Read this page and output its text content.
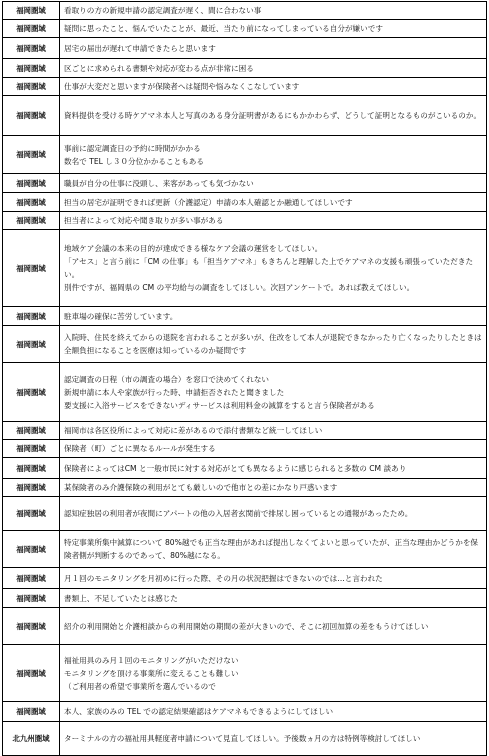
福岡圏域	看取りの方の新規申請の認定調査が遅く、間に合わない事
福岡圏域	疑問に思ったこと、悩んでいたことが、最近、当たり前になってしまっている自分が嫌いです
福岡圏域	居宅の届出が遅れて申請できたらと思います
福岡圏域	区ごとに求められる書類や対応が変わる点が非常に困る
福岡圏域	仕事が大変だと思いますが保険者へは疑問や悩みなくこなしています
福岡圏域	資料提供を受ける時ケアマネ本人と写真のある身分証明書があるにもかかわらず、どうして証明となるものがこいるのか。
福岡圏域	事前に認定調査日の予約に時間がかかる
数名で TEL し３０分位かかることもある

福岡圏域	職員が自分の仕事に没頭し、来客があっても気づかない
福岡圏域	担当の居宅が証明できれば更新（介護認定）申請の本人確認とか融通してほしいです
福岡圏域	担当者によって対応や聞き取りが多い事がある
福岡圏域	地域ケア会議の本来の目的が達成できる様なケア会議の運営をしてほしい。
「アセス」と言う前に「CM の仕事」も「担当ケアマネ」もきちんと理解した上でケアマネの支援も頑張っていただきたい。
別件ですが、福岡県の CM の平均給与の調査をしてほしい。次回アンケートで。あれば教えてほしい。

福岡圏域	駐車場の確保に苦労しています。
福岡圏域	入院時、住民を終えてからの退院を言われることが多いが、住改をして本人が退院できなかったり亡くなったりしたときは全額負担になることを医療は知っているのか疑問です
福岡圏域	認定調査の日程（市の調査の場合）を窓口で決めてくれない
新規申請に本人や家族が行った時、申請拒否されたと聞きました
要支援に入浴サービスをできないディサービスは利用料金の減算をすると言う保険者がある

福岡圏域	福岡市は各区役所によって対応に差があるので添付書類など統一してほしい
福岡圏域	保険者（町）ごとに異なるルールが発生する
福岡圏域	保険者によってはCM と一般市民に対する対応がとても異なるように感じられると多数の CM 談あり
福岡圏域	某保険者のみ介護保険の利用がとても厳しいので他市との差にかなり戸惑います
福岡圏域	認知症独居の利用者が夜間にアパートの他の入居者玄関前で排尿し困っているとの通報があったため。
福岡圏域	特定事業所集中減算について 80%越でも正当な理由があれば提出しなくてよいと思っていたが、正当な理由かどうかを保険者側が判断するのであって、80%越になる。
福岡圏域	月１回のモニタリングを月初めに行った際、その月の状況把握はできないのでは…と言われた
福岡圏域	書類上、不足していたとは感じた
福岡圏域	紹介の利用開始と介護相談からの利用開始の期間の差が大きいので、そこに初回加算の差をもうけてほしい
福岡圏域	福祉用具のみ月１回のモニタリングがいただけない
モニタリングを頂ける事業所に変えることも難しい
（ご利用者の希望で事業所を選んでいるので

福岡圏域	本人、家族のみの TEL での認定結果確認はケアマネもできるようにしてほしい
北九州圏域	ターミナルの方の福祉用具軽度者申請について見直してほしい。予後数ヵ月の方は特例等検討してほしい
